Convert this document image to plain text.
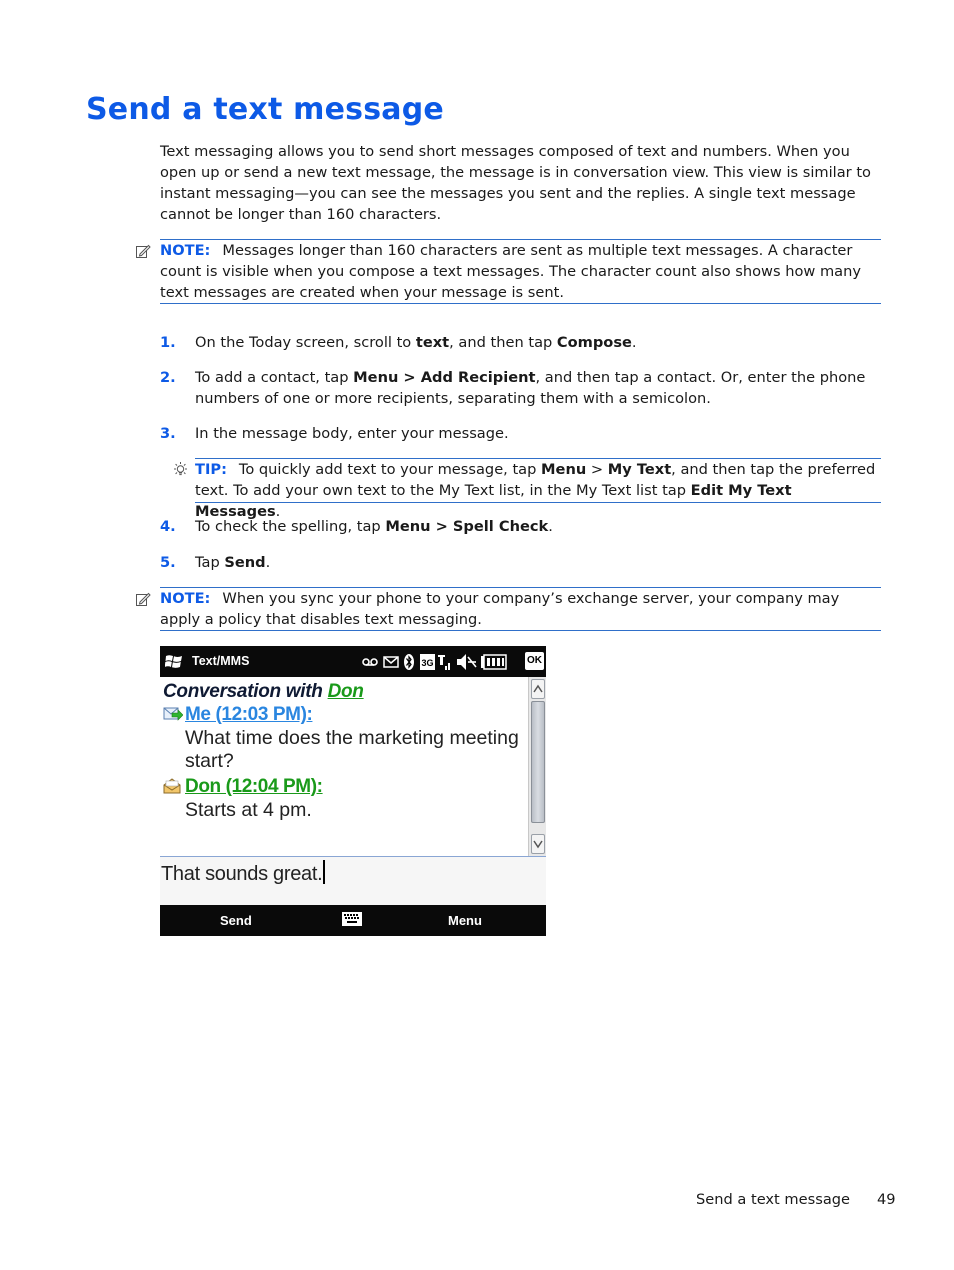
Send a text message

Text messaging allows you to send short messages composed of text and numbers. When you open up or send a new text message, the message is in conversation view. This view is similar to instant messaging—you can see the messages you sent and the replies. A single text message cannot be longer than 160 characters.

NOTE: Messages longer than 160 characters are sent as multiple text messages. A character count is visible when you compose a text messages. The character count also shows how many text messages are created when your message is sent.

1.	On the Today screen, scroll to text, and then tap Compose.
2.	To add a contact, tap Menu > Add Recipient, and then tap a contact. Or, enter the phone numbers of one or more recipients, separating them with a semicolon.
3.	In the message body, enter your message.
TIP: To quickly add text to your message, tap Menu > My Text, and then tap the preferred text. To add your own text to the My Text list, in the My Text list tap Edit My Text Messages.
4.	To check the spelling, tap Menu > Spell Check.
5.	Tap Send.

NOTE: When you sync your phone to your company’s exchange server, your company may apply a policy that disables text messaging.

Text/MMS	3G	OK
Conversation with Don
Me (12:03 PM):
What time does the marketing meeting start?
Don (12:04 PM):
Starts at 4 pm.
That sounds great.
Send	Menu
Send a text message 49
